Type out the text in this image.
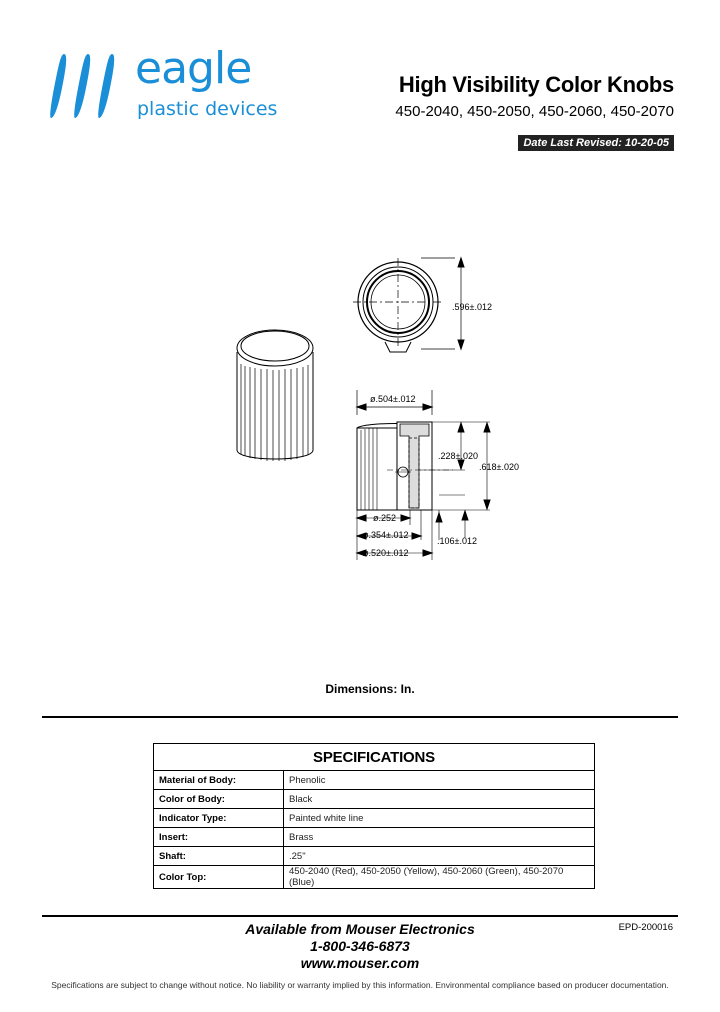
eagle
plastic devices
High Visibility Color Knobs
450-2040, 450-2050, 450-2060, 450-2070
Date Last Revised: 10-20-05
.596±.012
ø.504±.012
.228±.020
.618±.020
ø.252
ø.354±.012
ø.520±.012
.106±.012
Dimensions: In.
SPECIFICATIONS	
Material of Body:	Phenolic
Color of Body:	Black
Indicator Type:	Painted white line
Insert:	Brass
Shaft:	.25"
Color Top:	450-2040 (Red), 450-2050 (Yellow), 450-2060 (Green), 450-2070 (Blue)
Available from Mouser Electronics
1-800-346-6873
www.mouser.com
EPD-200016
Specifications are subject to change without notice. No liability or warranty implied by this information. Environmental compliance based on producer documentation.
